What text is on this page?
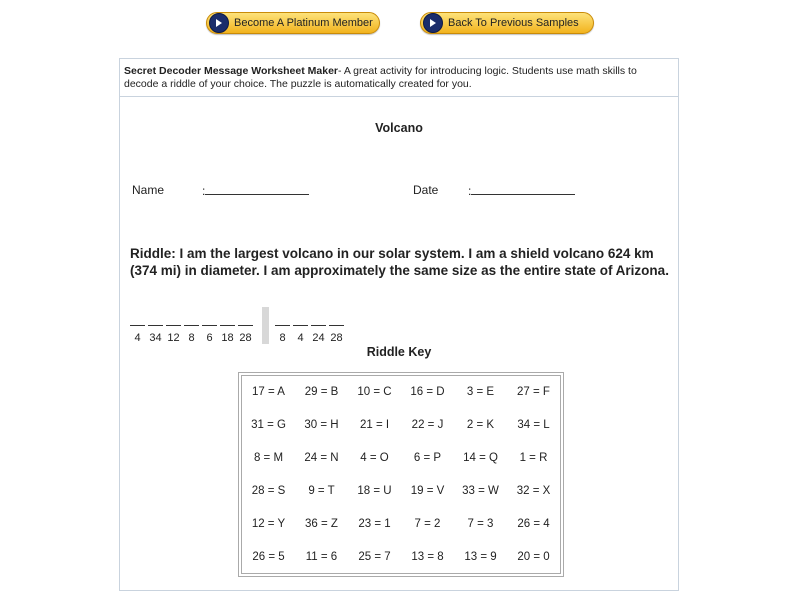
Become A Platinum Member	Back To Previous Samples
Secret Decoder Message Worksheet Maker- A great activity for introducing logic. Students use math skills to decode a riddle of your choice. The puzzle is automatically created for you.
Volcano
Name	:	Date :
Riddle: I am the largest volcano in our solar system. I am a shield volcano 624 km (374 mi) in diameter. I am approximately the same size as the entire state of Arizona.
4 34 12 8 6 18 28	8 4 24 28
Riddle Key
17 = A 29 = B 10 = C 16 = D 3 = E 27 = F
31 = G 30 = H 21 = I 22 = J 2 = K 34 = L
8 = M 24 = N 4 = O 6 = P 14 = Q 1 = R
28 = S 9 = T 18 = U 19 = V 33 = W 32 = X
12 = Y 36 = Z 23 = 1 7 = 2 7 = 3 26 = 4
26 = 5 11 = 6 25 = 7 13 = 8 13 = 9 20 = 0
